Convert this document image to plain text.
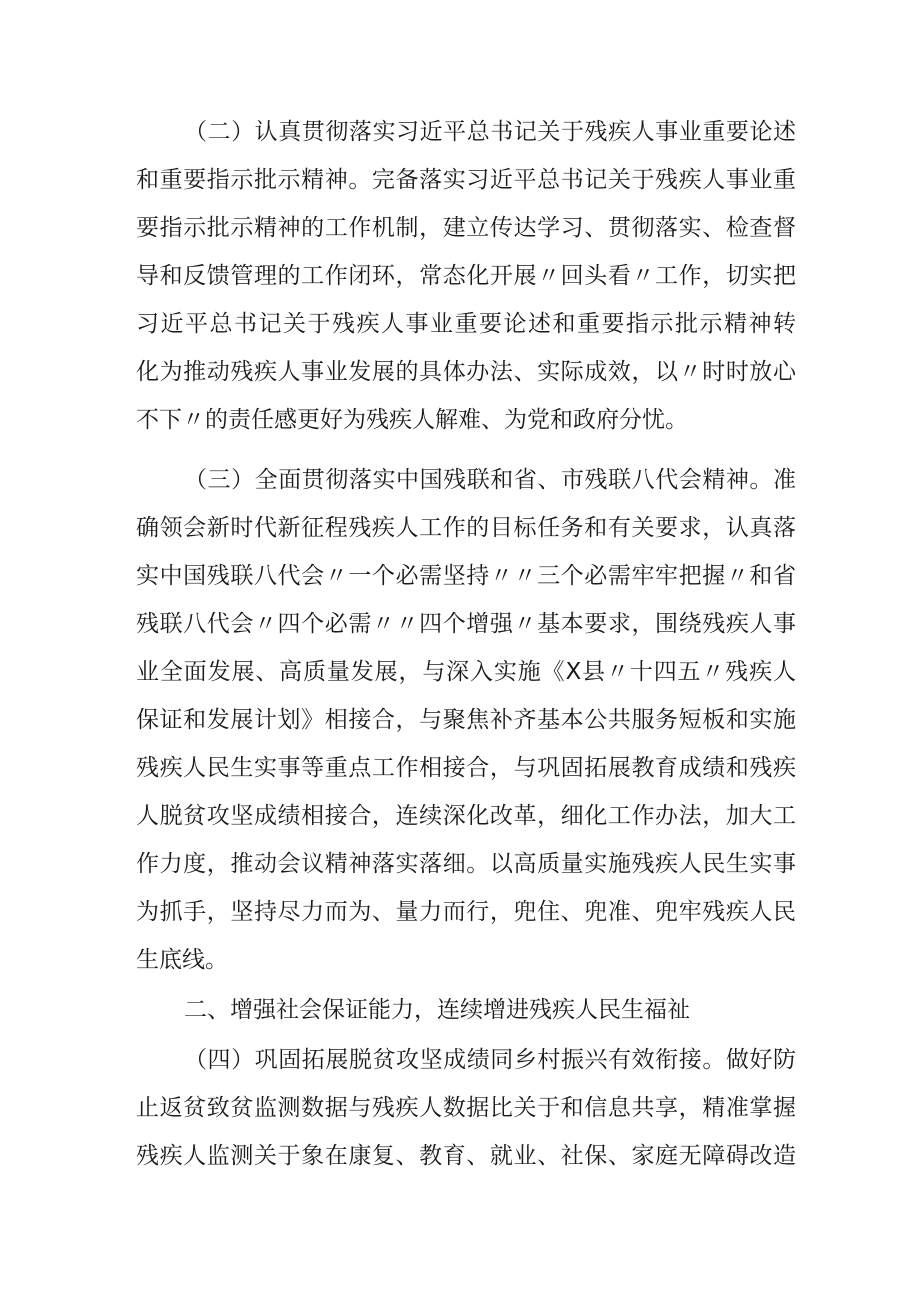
（二）认真贯彻落实习近平总书记关于残疾人事业重要论述
和重要指示批示精神。完备落实习近平总书记关于残疾人事业重
要指示批示精神的工作机制，建立传达学习、贯彻落实、检查督
导和反馈管理的工作闭环，常态化开展〃回头看〃工作，切实把
习近平总书记关于残疾人事业重要论述和重要指示批示精神转
化为推动残疾人事业发展的具体办法、实际成效，以〃时时放心
不下〃的责任感更好为残疾人解难、为党和政府分忧。
（三）全面贯彻落实中国残联和省、市残联八代会精神。准
确领会新时代新征程残疾人工作的目标任务和有关要求，认真落
实中国残联八代会〃一个必需坚持〃〃三个必需牢牢把握〃和省
残联八代会〃四个必需〃〃四个增强〃基本要求，围绕残疾人事
业全面发展、高质量发展，与深入实施《X县〃十四五〃残疾人
保证和发展计划》相接合，与聚焦补齐基本公共服务短板和实施
残疾人民生实事等重点工作相接合，与巩固拓展教育成绩和残疾
人脱贫攻坚成绩相接合，连续深化改革，细化工作办法，加大工
作力度，推动会议精神落实落细。以高质量实施残疾人民生实事
为抓手，坚持尽力而为、量力而行，兜住、兜准、兜牢残疾人民
生底线。
二、增强社会保证能力，连续增进残疾人民生福祉
（四）巩固拓展脱贫攻坚成绩同乡村振兴有效衔接。做好防
止返贫致贫监测数据与残疾人数据比关于和信息共享，精准掌握
残疾人监测关于象在康复、教育、就业、社保、家庭无障碍改造
